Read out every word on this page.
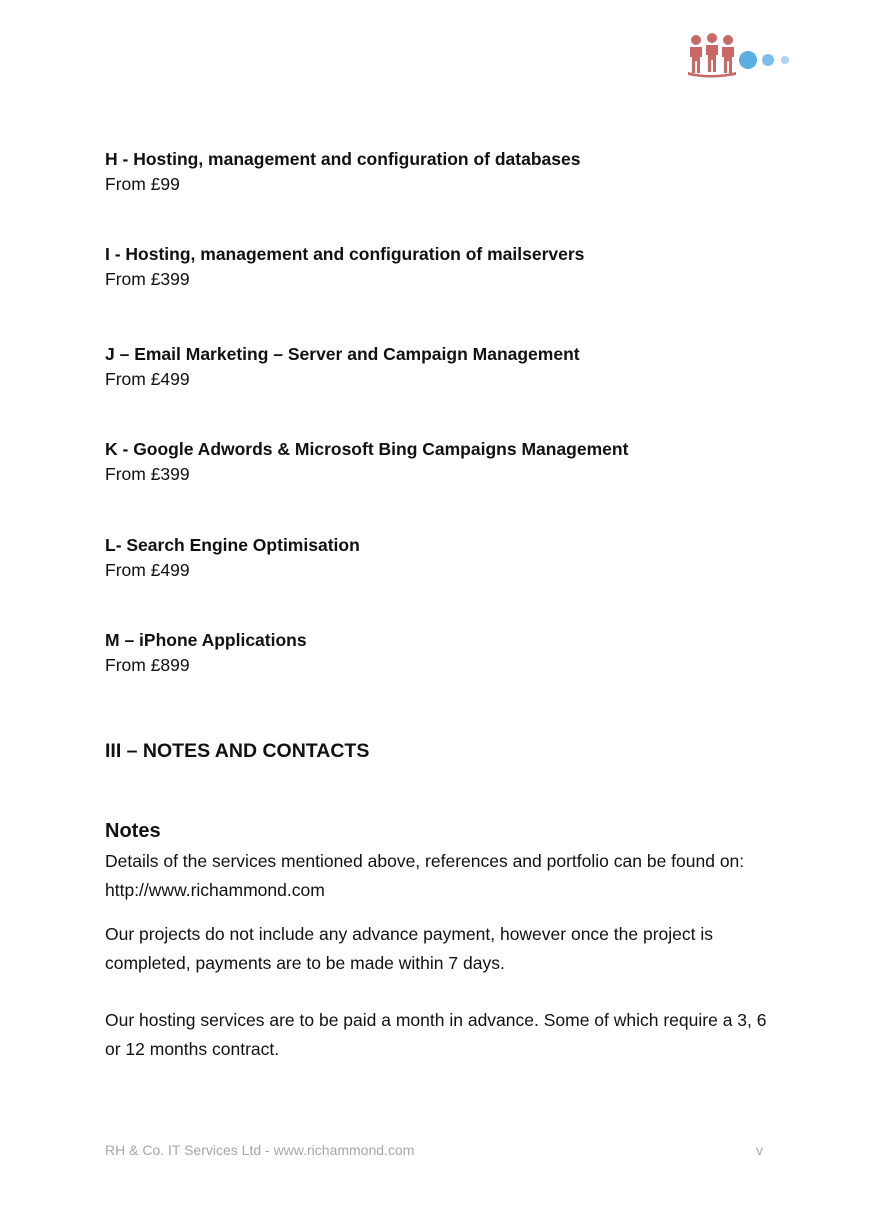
H - Hosting, management and configuration of databases
From £99
I - Hosting, management and configuration of mailservers
From £399
J – Email Marketing – Server and Campaign Management
From £499
K - Google Adwords & Microsoft Bing Campaigns Management
From £399
L- Search Engine Optimisation
From £499
M – iPhone Applications
From £899
III – NOTES AND CONTACTS
Notes

Details of the services mentioned above, references and portfolio can be found on: http://www.richammond.com

Our projects do not include any advance payment, however once the project is completed, payments are to be made within 7 days.

Our hosting services are to be paid a month in advance. Some of which require a 3, 6 or 12 months contract.

RH & Co. IT Services Ltd - www.richammond.com	v
